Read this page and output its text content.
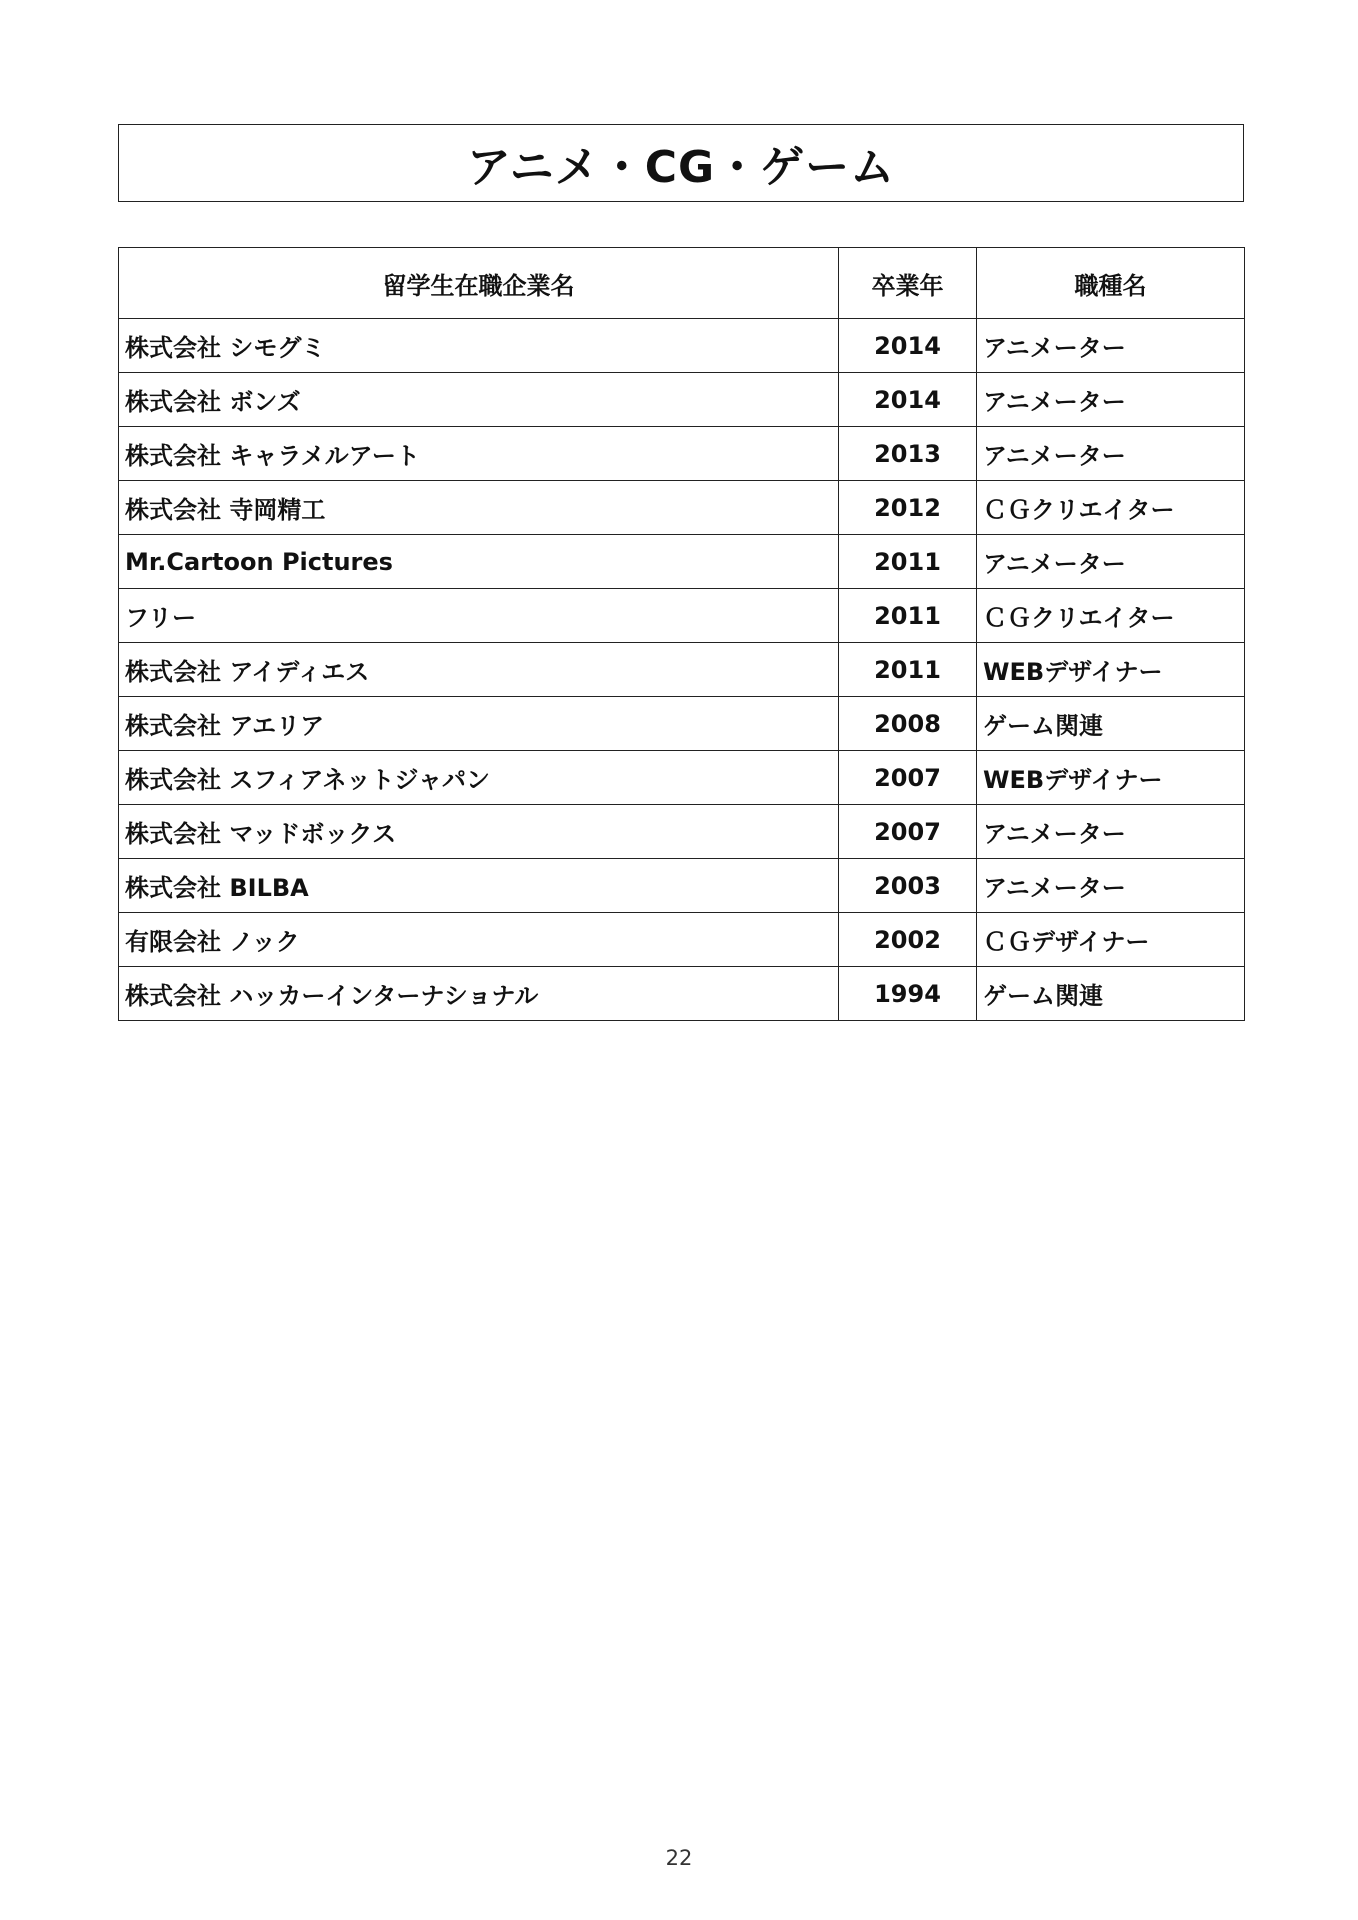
アニメ・CG・ゲーム
留学生在職企業名	卒業年	職種名
株式会社 シモグミ	2014	アニメーター
株式会社 ボンズ	2014	アニメーター
株式会社 キャラメルアート	2013	アニメーター
株式会社 寺岡精工	2012	ＣＧクリエイター
Mr.Cartoon Pictures	2011	アニメーター
フリー	2011	ＣＧクリエイター
株式会社 アイディエス	2011	WEBデザイナー
株式会社 アエリア	2008	ゲーム関連
株式会社 スフィアネットジャパン	2007	WEBデザイナー
株式会社 マッドボックス	2007	アニメーター
株式会社 BILBA	2003	アニメーター
有限会社 ノック	2002	ＣＧデザイナー
株式会社 ハッカーインターナショナル	1994	ゲーム関連
22
